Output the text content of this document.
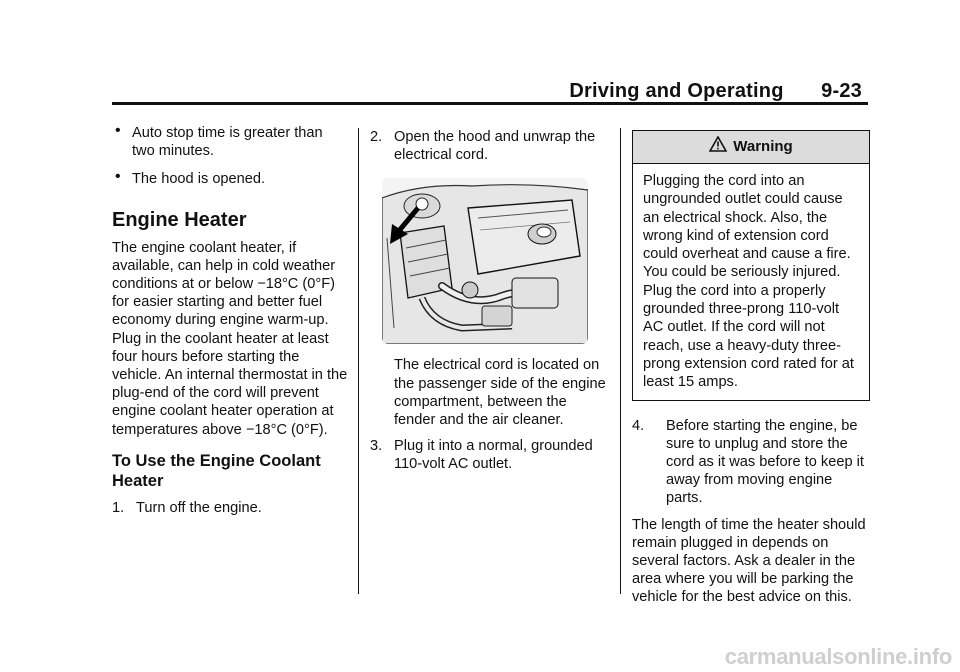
Driving and Operating 9-23
• Auto stop time is greater than two minutes.
• The hood is opened.
Engine Heater

The engine coolant heater, if available, can help in cold weather conditions at or below −18°C (0°F) for easier starting and better fuel economy during engine warm-up. Plug in the coolant heater at least four hours before starting the vehicle. An internal thermostat in the plug-end of the cord will prevent engine coolant heater operation at temperatures above −18°C (0°F).

To Use the Engine Coolant Heater
1. Turn off the engine.
2. Open the hood and unwrap the electrical cord.

The electrical cord is located on the passenger side of the engine compartment, between the fender and the air cleaner.

3. Plug it into a normal, grounded 110-volt AC outlet.
Warning
Plugging the cord into an ungrounded outlet could cause an electrical shock. Also, the wrong kind of extension cord could overheat and cause a fire. You could be seriously injured. Plug the cord into a properly grounded three-prong 110-volt AC outlet. If the cord will not reach, use a heavy-duty three-prong extension cord rated for at least 15 amps.
4. Before starting the engine, be sure to unplug and store the cord as it was before to keep it away from moving engine parts.

The length of time the heater should remain plugged in depends on several factors. Ask a dealer in the area where you will be parking the vehicle for the best advice on this.

carmanualsonline.info
